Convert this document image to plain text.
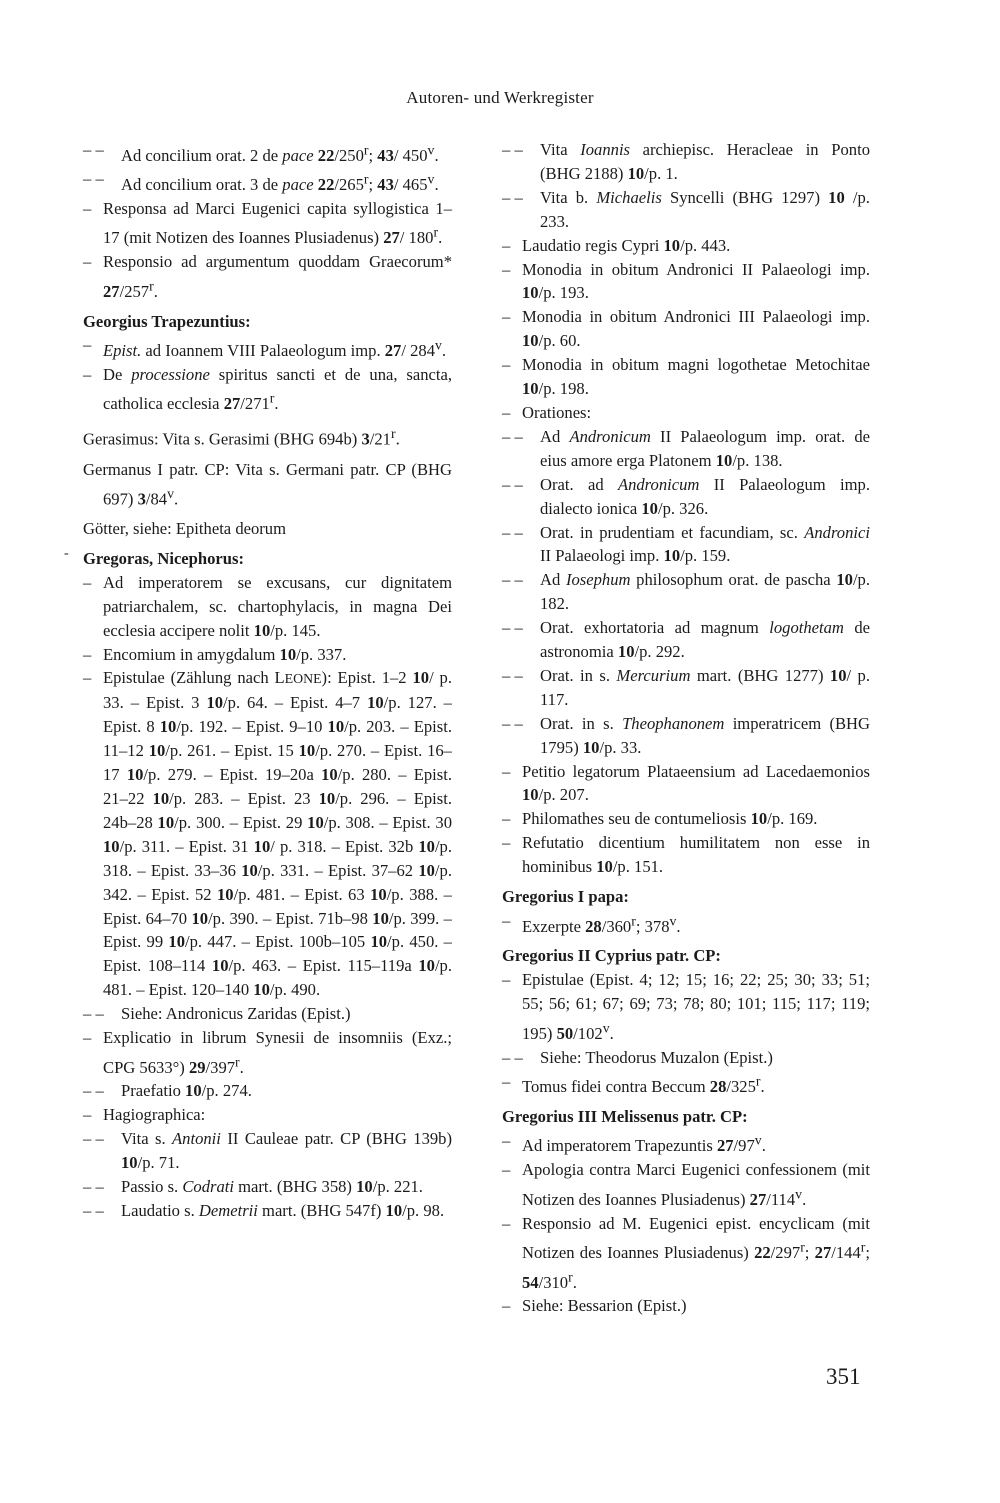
Autoren- und Werkregister
-
– – Ad concilium orat. 2 de pace 22/250$^r$; 43/ 450$^v$.
– – Ad concilium orat. 3 de pace 22/265$^r$; 43/ 465$^v$.
– Responsa ad Marci Eugenici capita syllogistica 1–17 (mit Notizen des Ioannes Plusiadenus) 27/ 180$^r$.
– Responsio ad argumentum quoddam Graecorum* 27/257$^r$.
Georgius Trapezuntius:
– Epist. ad Ioannem VIII Palaeologum imp. 27/ 284$^v$.
– De processione spiritus sancti et de una, sancta, catholica ecclesia 27/271$^r$.
Gerasimus: Vita s. Gerasimi (BHG 694b) 3/21$^r$.
Germanus I patr. CP: Vita s. Germani patr. CP (BHG 697) 3/84$^v$.
Götter, siehe: Epitheta deorum
Gregoras, Nicephorus:
– Ad imperatorem se excusans, cur dignitatem patriarchalem, sc. chartophylacis, in magna Dei ecclesia accipere nolit 10/p. 145.
– Encomium in amygdalum 10/p. 337.
– Epistulae (Zählung nach LEONE): Epist. 1–2 10/ p. 33. – Epist. 3 10/p. 64. – Epist. 4–7 10/p. 127. – Epist. 8 10/p. 192. – Epist. 9–10 10/p. 203. – Epist. 11–12 10/p. 261. – Epist. 15 10/p. 270. – Epist. 16–17 10/p. 279. – Epist. 19–20a 10/p. 280. – Epist. 21–22 10/p. 283. – Epist. 23 10/p. 296. – Epist. 24b–28 10/p. 300. – Epist. 29 10/p. 308. – Epist. 30 10/p. 311. – Epist. 31 10/ p. 318. – Epist. 32b 10/p. 318. – Epist. 33–36 10/p. 331. – Epist. 37–62 10/p. 342. – Epist. 52 10/p. 481. – Epist. 63 10/p. 388. – Epist. 64–70 10/p. 390. – Epist. 71b–98 10/p. 399. – Epist. 99 10/p. 447. – Epist. 100b–105 10/p. 450. – Epist. 108–114 10/p. 463. – Epist. 115–119a 10/p. 481. – Epist. 120–140 10/p. 490.
– – Siehe: Andronicus Zaridas (Epist.)
– Explicatio in librum Synesii de insomniis (Exz.; CPG 5633°) 29/397$^r$.
– – Praefatio 10/p. 274.
– Hagiographica:
– – Vita s. Antonii II Cauleae patr. CP (BHG 139b) 10/p. 71.
– – Passio s. Codrati mart. (BHG 358) 10/p. 221.
– – Laudatio s. Demetrii mart. (BHG 547f) 10/p. 98.
– – Vita Ioannis archiepisc. Heracleae in Ponto (BHG 2188) 10/p. 1.
– – Vita b. Michaelis Syncelli (BHG 1297) 10 /p. 233.
– Laudatio regis Cypri 10/p. 443.
– Monodia in obitum Andronici II Palaeologi imp. 10/p. 193.
– Monodia in obitum Andronici III Palaeologi imp. 10/p. 60.
– Monodia in obitum magni logothetae Metochitae 10/p. 198.
– Orationes:
– – Ad Andronicum II Palaeologum imp. orat. de eius amore erga Platonem 10/p. 138.
– – Orat. ad Andronicum II Palaeologum imp. dialecto ionica 10/p. 326.
– – Orat. in prudentiam et facundiam, sc. Andronici II Palaeologi imp. 10/p. 159.
– – Ad Iosephum philosophum orat. de pascha 10/p. 182.
– – Orat. exhortatoria ad magnum logothetam de astronomia 10/p. 292.
– – Orat. in s. Mercurium mart. (BHG 1277) 10/ p. 117.
– – Orat. in s. Theophanonem imperatricem (BHG 1795) 10/p. 33.
– Petitio legatorum Plataeensium ad Lacedaemonios 10/p. 207.
– Philomathes seu de contumeliosis 10/p. 169.
– Refutatio dicentium humilitatem non esse in hominibus 10/p. 151.
Gregorius I papa:
– Exzerpte 28/360$^r$; 378$^v$.
Gregorius II Cyprius patr. CP:
– Epistulae (Epist. 4; 12; 15; 16; 22; 25; 30; 33; 51; 55; 56; 61; 67; 69; 73; 78; 80; 101; 115; 117; 119; 195) 50/102$^v$.
– – Siehe: Theodorus Muzalon (Epist.)
– Tomus fidei contra Beccum 28/325$^r$.
Gregorius III Melissenus patr. CP:
– Ad imperatorem Trapezuntis 27/97$^v$.
– Apologia contra Marci Eugenici confessionem (mit Notizen des Ioannes Plusiadenus) 27/114$^v$.
– Responsio ad M. Eugenici epist. encyclicam (mit Notizen des Ioannes Plusiadenus) 22/297$^r$; 27/144$^r$; 54/310$^r$.
– Siehe: Bessarion (Epist.)
351
